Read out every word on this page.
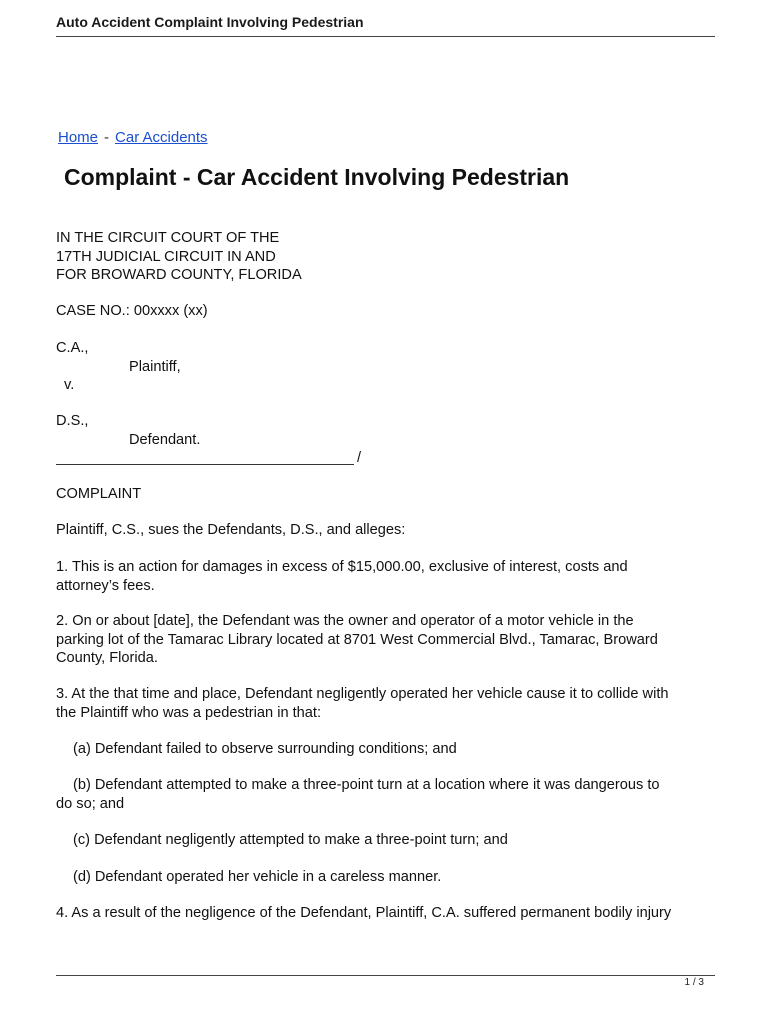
Auto Accident Complaint Involving Pedestrian
Home - Car Accidents
Complaint - Car Accident Involving Pedestrian
IN THE CIRCUIT COURT OF THE
17TH JUDICIAL CIRCUIT IN AND
FOR BROWARD COUNTY, FLORIDA
CASE NO.: 00xxxx (xx)
C.A.,
Plaintiff,
v.
D.S.,
Defendant.
/
COMPLAINT
Plaintiff, C.S., sues the Defendants, D.S., and alleges:
1. This is an action for damages in excess of $15,000.00, exclusive of interest, costs and
attorney’s fees.
2. On or about [date], the Defendant was the owner and operator of a motor vehicle in the
parking lot of the Tamarac Library located at 8701 West Commercial Blvd., Tamarac, Broward
County, Florida.
3. At the that time and place, Defendant negligently operated her vehicle cause it to collide with
the Plaintiff who was a pedestrian in that:
(a) Defendant failed to observe surrounding conditions; and
(b) Defendant attempted to make a three-point turn at a location where it was dangerous to
do so; and
(c) Defendant negligently attempted to make a three-point turn; and
(d) Defendant operated her vehicle in a careless manner.
4. As a result of the negligence of the Defendant, Plaintiff, C.A. suffered permanent bodily injury
1 / 3
